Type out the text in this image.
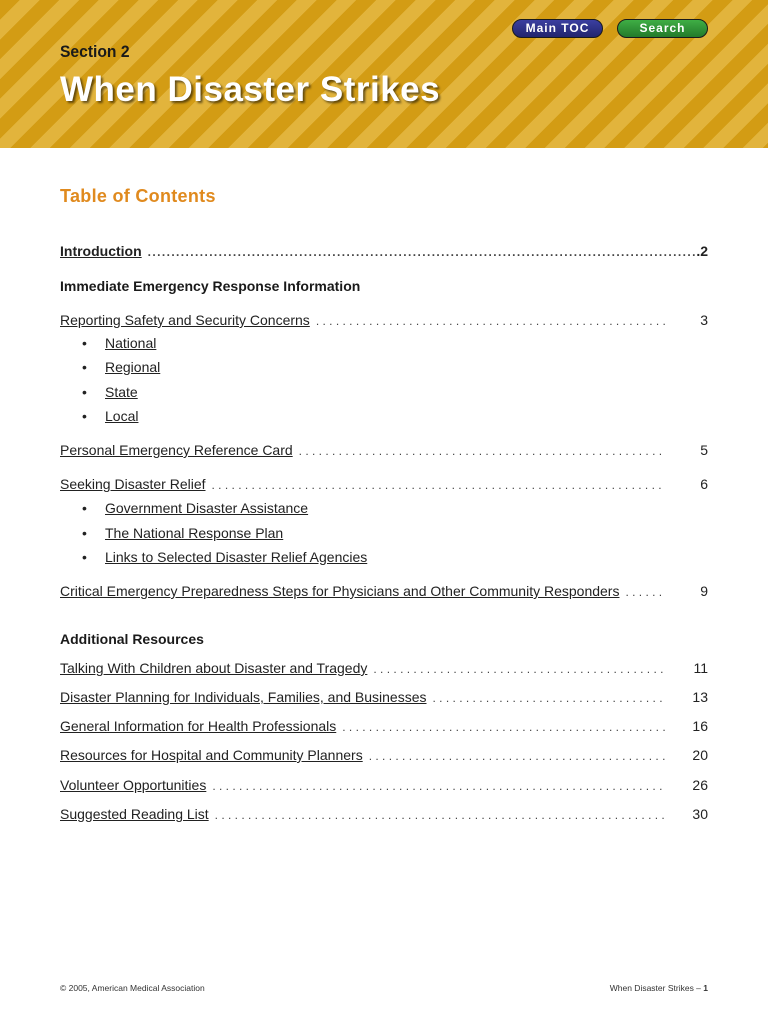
Section 2
When Disaster Strikes
Main TOC	Search
Table of Contents
Introduction .....	.2
Immediate Emergency Response Information
Reporting Safety and Security Concerns . . .	3
• National
• Regional
• State
• Local
Personal Emergency Reference Card . . .	5
Seeking Disaster Relief . . .	6
• Government Disaster Assistance
• The National Response Plan
• Links to Selected Disaster Relief Agencies
Critical Emergency Preparedness Steps for Physicians and Other Community Responders . . .	9
Additional Resources
Talking With Children about Disaster and Tragedy . . .	11
Disaster Planning for Individuals, Families, and Businesses . . .	13
General Information for Health Professionals . . .	16
Resources for Hospital and Community Planners . . .	20
Volunteer Opportunities . . .	26
Suggested Reading List . . .	30
© 2005, American Medical Association	When Disaster Strikes – 1
